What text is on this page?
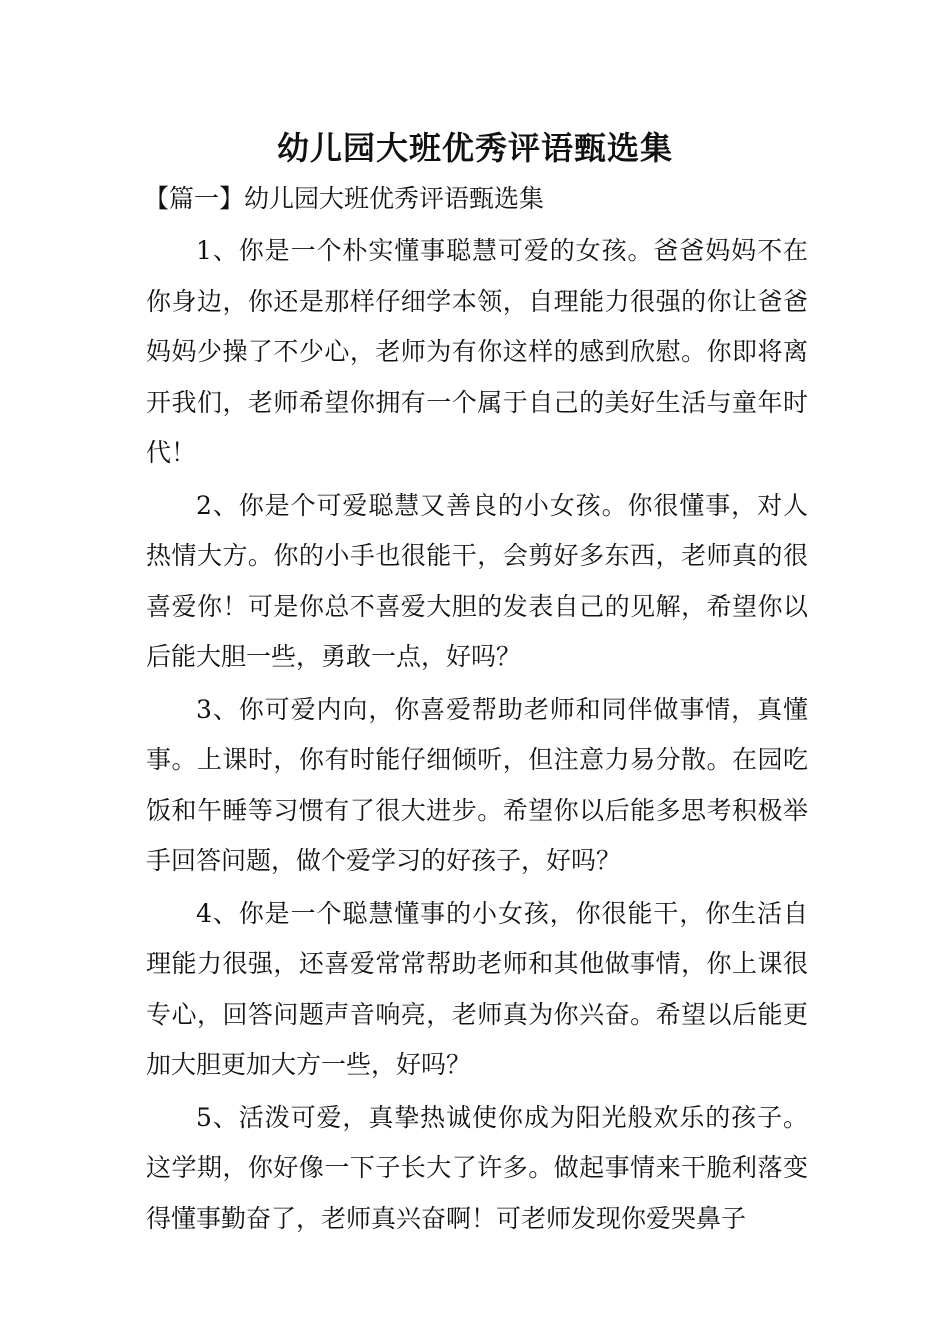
幼儿园大班优秀评语甄选集

【篇一】幼儿园大班优秀评语甄选集

1、你是一个朴实懂事聪慧可爱的女孩。爸爸妈妈不在你身边，你还是那样仔细学本领，自理能力很强的你让爸爸妈妈少操了不少心，老师为有你这样的感到欣慰。你即将离开我们，老师希望你拥有一个属于自己的美好生活与童年时代！

2、你是个可爱聪慧又善良的小女孩。你很懂事，对人热情大方。你的小手也很能干，会剪好多东西，老师真的很喜爱你！可是你总不喜爱大胆的发表自己的见解，希望你以后能大胆一些，勇敢一点，好吗？

3、你可爱内向，你喜爱帮助老师和同伴做事情，真懂事。上课时，你有时能仔细倾听，但注意力易分散。在园吃饭和午睡等习惯有了很大进步。希望你以后能多思考积极举手回答问题，做个爱学习的好孩子，好吗？

4、你是一个聪慧懂事的小女孩，你很能干，你生活自理能力很强，还喜爱常常帮助老师和其他做事情，你上课很专心，回答问题声音响亮，老师真为你兴奋。希望以后能更加大胆更加大方一些，好吗？

5、活泼可爱，真挚热诚使你成为阳光般欢乐的孩子。这学期，你好像一下子长大了许多。做起事情来干脆利落变得懂事勤奋了，老师真兴奋啊！可老师发现你爱哭鼻子
